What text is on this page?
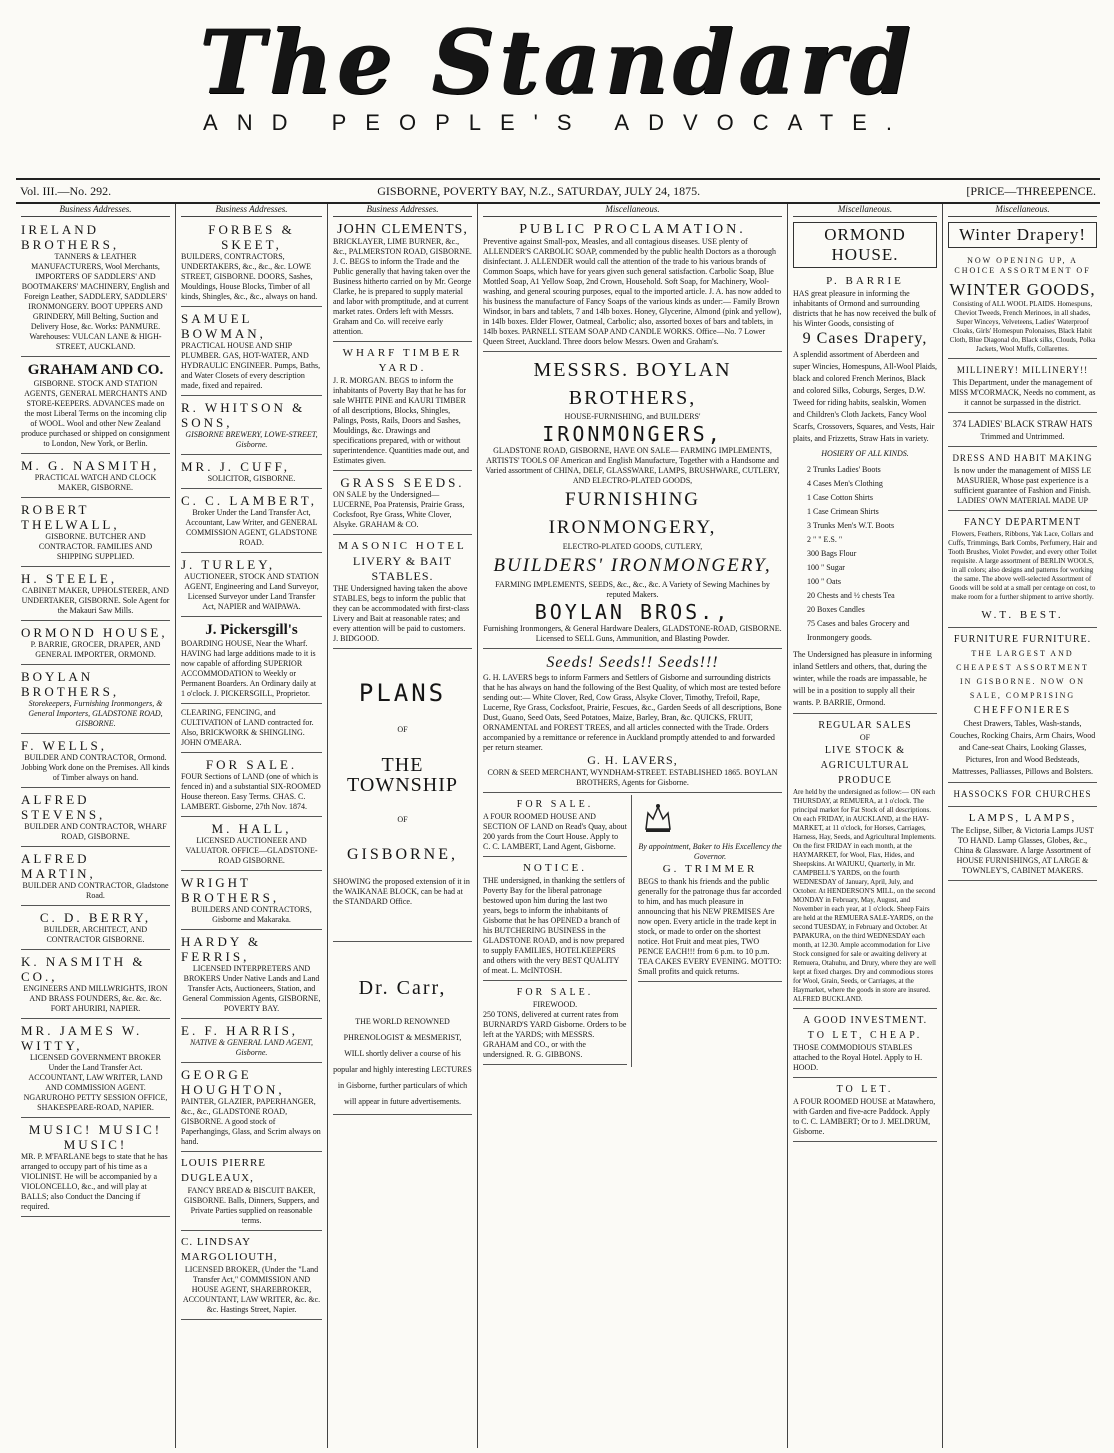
The Standard
AND PEOPLE'S ADVOCATE.
Vol. III.—No. 292.	GISBORNE, POVERTY BAY, N.Z., SATURDAY, JULY 24, 1875.	[PRICE—THREEPENCE.
Business Addresses.
IRELAND BROTHERS,
TANNERS & LEATHER MANUFACTURERS, Wool Merchants, IMPORTERS OF SADDLERS' AND BOOTMAKERS' MACHINERY, English and Foreign Leather, SADDLERY, SADDLERS' IRONMONGERY. BOOT UPPERS AND GRINDERY, Mill Belting, Suction and Delivery Hose, &c. Works: PANMURE. Warehouses: VULCAN LANE & HIGH-STREET, AUCKLAND.
GRAHAM AND CO.
GISBORNE. STOCK AND STATION AGENTS, GENERAL MERCHANTS AND STORE-KEEPERS. ADVANCES made on the most Liberal Terms on the incoming clip of WOOL. Wool and other New Zealand produce purchased or shipped on consignment to London, New York, or Berlin.
M. G. NASMITH,
PRACTICAL WATCH AND CLOCK MAKER, GISBORNE.
ROBERT THELWALL,
GISBORNE. BUTCHER AND CONTRACTOR. FAMILIES AND SHIPPING SUPPLIED.
H. STEELE,
CABINET MAKER, UPHOLSTERER, AND UNDERTAKER, GISBORNE. Sole Agent for the Makauri Saw Mills.
ORMOND HOUSE,
P. BARRIE, GROCER, DRAPER, AND GENERAL IMPORTER, ORMOND.
BOYLAN BROTHERS,
Storekeepers, Furnishing Ironmongers, & General Importers, GLADSTONE ROAD, GISBORNE.
F. WELLS,
BUILDER AND CONTRACTOR, Ormond. Jobbing Work done on the Premises. All kinds of Timber always on hand.
ALFRED STEVENS,
BUILDER AND CONTRACTOR, WHARF ROAD, GISBORNE.
ALFRED MARTIN,
BUILDER AND CONTRACTOR, Gladstone Road.
C. D. BERRY,
BUILDER, ARCHITECT, AND CONTRACTOR GISBORNE.
K. NASMITH & CO.,
ENGINEERS AND MILLWRIGHTS, IRON AND BRASS FOUNDERS, &c. &c. &c. FORT AHURIRI, NAPIER.
MR. JAMES W. WITTY,
LICENSED GOVERNMENT BROKER Under the Land Transfer Act. ACCOUNTANT, LAW WRITER, LAND AND COMMISSION AGENT. NGARUROHO PETTY SESSION OFFICE, SHAKESPEARE-ROAD, NAPIER.
MUSIC! MUSIC! MUSIC!
MR. P. M'FARLANE begs to state that he has arranged to occupy part of his time as a VIOLINIST. He will be accompanied by a VIOLONCELLO, &c., and will play at BALLS; also Conduct the Dancing if required.
Business Addresses.
FORBES & SKEET,
BUILDERS, CONTRACTORS, UNDERTAKERS, &c., &c., &c. LOWE STREET, GISBORNE. DOORS, Sashes, Mouldings, House Blocks, Timber of all kinds, Shingles, &c., &c., always on hand.
SAMUEL BOWMAN,
PRACTICAL HOUSE AND SHIP PLUMBER. GAS, HOT-WATER, AND HYDRAULIC ENGINEER. Pumps, Baths, and Water Closets of every description made, fixed and repaired.
R. WHITSON & SONS,
GISBORNE BREWERY, LOWE-STREET, Gisborne.
MR. J. CUFF,
SOLICITOR, GISBORNE.
C. C. LAMBERT,
Broker Under the Land Transfer Act, Accountant, Law Writer, and GENERAL COMMISSION AGENT, GLADSTONE ROAD.
J. TURLEY,
AUCTIONEER, STOCK AND STATION AGENT, Engineering and Land Surveyor, Licensed Surveyor under Land Transfer Act, NAPIER and WAIPAWA.
J. Pickersgill's
BOARDING HOUSE, Near the Wharf. HAVING had large additions made to it is now capable of affording SUPERIOR ACCOMMODATION to Weekly or Permanent Boarders. An Ordinary daily at 1 o'clock. J. PICKERSGILL, Proprietor.
CLEARING, FENCING, and CULTIVATION of LAND contracted for. Also, BRICKWORK & SHINGLING. JOHN O'MEARA.
FOR SALE.
FOUR Sections of LAND (one of which is fenced in) and a substantial SIX-ROOMED House thereon. Easy Terms. CHAS. C. LAMBERT. Gisborne, 27th Nov. 1874.
M. HALL,
LICENSED AUCTIONEER AND VALUATOR. OFFICE—GLADSTONE-ROAD GISBORNE.
WRIGHT BROTHERS,
BUILDERS AND CONTRACTORS, Gisborne and Makaraka.
HARDY & FERRIS,
LICENSED INTERPRETERS AND BROKERS Under Native Lands and Land Transfer Acts, Auctioneers, Station, and General Commission Agents, GISBORNE, POVERTY BAY.
E. F. HARRIS,
NATIVE & GENERAL LAND AGENT, Gisborne.
GEORGE HOUGHTON,
PAINTER, GLAZIER, PAPERHANGER, &c., &c., GLADSTONE ROAD, GISBORNE. A good stock of Paperhangings, Glass, and Scrim always on hand.
LOUIS PIERRE DUGLEAUX,
FANCY BREAD & BISCUIT BAKER, GISBORNE. Balls, Dinners, Suppers, and Private Parties supplied on reasonable terms.
C. LINDSAY MARGOLIOUTH,
LICENSED BROKER, (Under the "Land Transfer Act," COMMISSION AND HOUSE AGENT, SHAREBROKER, ACCOUNTANT, LAW WRITER, &c. &c. &c. Hastings Street, Napier.
Business Addresses.
JOHN CLEMENTS,
BRICKLAYER, LIME BURNER, &c., &c., PALMERSTON ROAD, GISBORNE. J. C. BEGS to inform the Trade and the Public generally that having taken over the Business hitherto carried on by Mr. George Clarke, he is prepared to supply material and labor with promptitude, and at current market rates. Orders left with Messrs. Graham and Co. will receive early attention.
WHARF TIMBER YARD.
J. R. MORGAN. BEGS to inform the inhabitants of Poverty Bay that he has for sale WHITE PINE and KAURI TIMBER of all descriptions, Blocks, Shingles, Palings, Posts, Rails, Doors and Sashes, Mouldings, &c. Drawings and specifications prepared, with or without superintendence. Quantities made out, and Estimates given.
GRASS SEEDS.
ON SALE by the Undersigned— LUCERNE, Poa Pratensis, Prairie Grass, Cocksfoot, Rye Grass, White Clover, Alsyke. GRAHAM & CO.
MASONIC HOTEL
LIVERY & BAIT STABLES.
THE Undersigned having taken the above STABLES, begs to inform the public that they can be accommodated with first-class Livery and Bait at reasonable rates; and every attention will be paid to customers. J. BIDGOOD.
PLANS
OF
THE TOWNSHIP
OF
GISBORNE,
SHOWING the proposed extension of it in the WAIKANAE BLOCK, can be had at the STANDARD Office.
Dr. Carr,
THE WORLD RENOWNED PHRENOLOGIST & MESMERIST, WILL shortly deliver a course of his popular and highly interesting LECTURES in Gisborne, further particulars of which will appear in future advertisements.
Miscellaneous.
PUBLIC PROCLAMATION.
Preventive against Small-pox, Measles, and all contagious diseases. USE plenty of ALLENDER'S CARBOLIC SOAP, commended by the public health Doctors as a thorough disinfectant. J. ALLENDER would call the attention of the trade to his various brands of Common Soaps, which have for years given such general satisfaction. Carbolic Soap, Blue Mottled Soap, A1 Yellow Soap, 2nd Crown, Household. Soft Soap, for Machinery, Wool-washing, and general scouring purposes, equal to the imported article. J. A. has now added to his business the manufacture of Fancy Soaps of the various kinds as under:— Family Brown Windsor, in bars and tablets, 7 and 14lb boxes. Honey, Glycerine, Almond (pink and yellow), in 14lb boxes. Elder Flower, Oatmeal, Carbolic; also, assorted boxes of bars and tablets, in 14lb boxes. PARNELL STEAM SOAP AND CANDLE WORKS. Office—No. 7 Lower Queen Street, Auckland. Three doors below Messrs. Owen and Graham's.
MESSRS. BOYLAN BROTHERS,
HOUSE-FURNISHING, and BUILDERS'
IRONMONGERS,
GLADSTONE ROAD, GISBORNE, HAVE ON SALE— FARMING IMPLEMENTS, ARTISTS' TOOLS OF American and English Manufacture, Together with a Handsome and Varied assortment of CHINA, DELF, GLASSWARE, LAMPS, BRUSHWARE, CUTLERY, AND ELECTRO-PLATED GOODS,
FURNISHING IRONMONGERY,
ELECTRO-PLATED GOODS, CUTLERY,
BUILDERS' IRONMONGERY,
FARMING IMPLEMENTS, SEEDS, &c., &c., &c. A Variety of Sewing Machines by reputed Makers.
BOYLAN BROS.,
Furnishing Ironmongers, & General Hardware Dealers, GLADSTONE-ROAD, GISBORNE. Licensed to SELL Guns, Ammunition, and Blasting Powder.
Seeds! Seeds!! Seeds!!!
G. H. LAVERS begs to inform Farmers and Settlers of Gisborne and surrounding districts that he has always on hand the following of the Best Quality, of which most are tested before sending out:— White Clover, Red, Cow Grass, Alsyke Clover, Timothy, Trefoil, Rape, Lucerne, Rye Grass, Cocksfoot, Prairie, Fescues, &c., Garden Seeds of all descriptions, Bone Dust, Guano, Seed Oats, Seed Potatoes, Maize, Barley, Bran, &c. QUICKS, FRUIT, ORNAMENTAL and FOREST TREES, and all articles connected with the Trade. Orders accompanied by a remittance or reference in Auckland promptly attended to and forwarded per return steamer.
G. H. LAVERS,
CORN & SEED MERCHANT, WYNDHAM-STREET. ESTABLISHED 1865. BOYLAN BROTHERS, Agents for Gisborne.
FOR SALE.
A FOUR ROOMED HOUSE AND SECTION OF LAND on Read's Quay, about 200 yards from the Court House. Apply to C. C. LAMBERT, Land Agent, Gisborne.
NOTICE.
THE undersigned, in thanking the settlers of Poverty Bay for the liberal patronage bestowed upon him during the last two years, begs to inform the inhabitants of Gisborne that he has OPENED a branch of his BUTCHERING BUSINESS in the GLADSTONE ROAD, and is now prepared to supply FAMILIES, HOTELKEEPERS and others with the very BEST QUALITY of meat. L. McINTOSH.
FOR SALE.
FIREWOOD.
250 TONS, delivered at current rates from BURNARD'S YARD Gisborne. Orders to be left at the YARDS; with MESSRS. GRAHAM and CO., or with the undersigned. R. G. GIBBONS.
By appointment, Baker to His Excellency the Governor.
G. TRIMMER
BEGS to thank his friends and the public generally for the patronage thus far accorded to him, and has much pleasure in announcing that his NEW PREMISES Are now open. Every article in the trade kept in stock, or made to order on the shortest notice. Hot Fruit and meat pies, TWO PENCE EACH!!! from 6 p.m. to 10 p.m. TEA CAKES EVERY EVENING. MOTTO: Small profits and quick returns.
Miscellaneous.
ORMOND HOUSE.
P. BARRIE
HAS great pleasure in informing the inhabitants of Ormond and surrounding districts that he has now received the bulk of his Winter Goods, consisting of
9 Cases Drapery,
A splendid assortment of Aberdeen and super Wincies, Homespuns, All-Wool Plaids, black and colored French Merinos, Black and colored Silks, Coburgs, Serges, D.W. Tweed for riding habits, sealskin, Women and Children's Cloth Jackets, Fancy Wool Scarfs, Crossovers, Squares, and Vests, Hair plaits, and Frizzetts, Straw Hats in variety.
HOSIERY OF ALL KINDS.
2 Trunks Ladies' Boots
4 Cases Men's Clothing
1 Case Cotton Shirts
1 Case Crimean Shirts
3 Trunks Men's W.T. Boots
2 " " E.S. "
300 Bags Flour
100 " Sugar
100 " Oats
20 Chests and ½ chests Tea
20 Boxes Candles
75 Cases and bales Grocery and Ironmongery goods.
The Undersigned has pleasure in informing inland Settlers and others, that, during the winter, while the roads are impassable, he will be in a position to supply all their wants. P. BARRIE, Ormond.
REGULAR SALES
OF
LIVE STOCK & AGRICULTURAL PRODUCE
Are held by the undersigned as follow:— ON each THURSDAY, at REMUERA, at 1 o'clock. The principal market for Fat Stock of all descriptions. On each FRIDAY, in AUCKLAND, at the HAY-MARKET, at 11 o'clock, for Horses, Carriages, Harness, Hay, Seeds, and Agricultural Implements. On the first FRIDAY in each month, at the HAYMARKET, for Wool, Flax, Hides, and Sheepskins. At WAIUKU, Quarterly, in Mr. CAMPBELL'S YARDS, on the fourth WEDNESDAY of January, April, July, and October. At HENDERSON'S MILL, on the second MONDAY in February, May, August, and November in each year, at 1 o'clock. Sheep Fairs are held at the REMUERA SALE-YARDS, on the second TUESDAY, in February and October. At PAPAKURA, on the third WEDNESDAY each month, at 12.30. Ample accommodation for Live Stock consigned for sale or awaiting delivery at Remuera, Otahuhu, and Drury, where they are well kept at fixed charges. Dry and commodious stores for Wool, Grain, Seeds, or Carriages, at the Haymarket, where the goods in store are insured. ALFRED BUCKLAND.
A GOOD INVESTMENT.
TO LET, CHEAP.
THOSE COMMODIOUS STABLES attached to the Royal Hotel. Apply to H. HOOD.
TO LET.
A FOUR ROOMED HOUSE at Matawhero, with Garden and five-acre Paddock. Apply to C. C. LAMBERT; Or to J. MELDRUM, Gisborne.
Miscellaneous.
Winter Drapery!
NOW OPENING UP, A CHOICE ASSORTMENT OF
WINTER GOODS,
Consisting of ALL WOOL PLAIDS. Homespuns, Cheviot Tweeds, French Merinoes, in all shades, Super Winceys, Velveteens, Ladies' Waterproof Cloaks, Girls' Homespun Polonaises, Black Habit Cloth, Blue Diagonal do, Black silks, Clouds, Polka Jackets, Wool Muffs, Collarettes.
MILLINERY! MILLINERY!!
This Department, under the management of MISS M'CORMACK, Needs no comment, as it cannot be surpassed in the district.
374 LADIES' BLACK STRAW HATS
Trimmed and Untrimmed.
DRESS AND HABIT MAKING
Is now under the management of MISS LE MASURIER, Whose past experience is a sufficient guarantee of Fashion and Finish. LADIES' OWN MATERIAL MADE UP
FANCY DEPARTMENT
Flowers, Feathers, Ribbons, Yak Lace, Collars and Cuffs, Trimmings, Bark Combs, Perfumery, Hair and Tooth Brushes, Violet Powder, and every other Toilet requisite. A large assortment of BERLIN WOOLS, in all colors; also designs and patterns for working the same. The above well-selected Assortment of Goods will be sold at a small per centage on cost, to make room for a further shipment to arrive shortly.
W.T. BEST.
FURNITURE FURNITURE.
THE LARGEST AND CHEAPEST ASSORTMENT IN GISBORNE. NOW ON SALE, COMPRISING
CHEFFONIERES
Chest Drawers, Tables, Wash-stands, Couches, Rocking Chairs, Arm Chairs, Wood and Cane-seat Chairs, Looking Glasses, Pictures, Iron and Wood Bedsteads, Mattresses, Palliasses, Pillows and Bolsters.
HASSOCKS FOR CHURCHES
LAMPS, LAMPS,
The Eclipse, Silber, & Victoria Lamps JUST TO HAND. Lamp Glasses, Globes, &c., China & Glassware. A large Assortment of HOUSE FURNISHINGS, AT LARGE & TOWNLEY'S, CABINET MAKERS.
